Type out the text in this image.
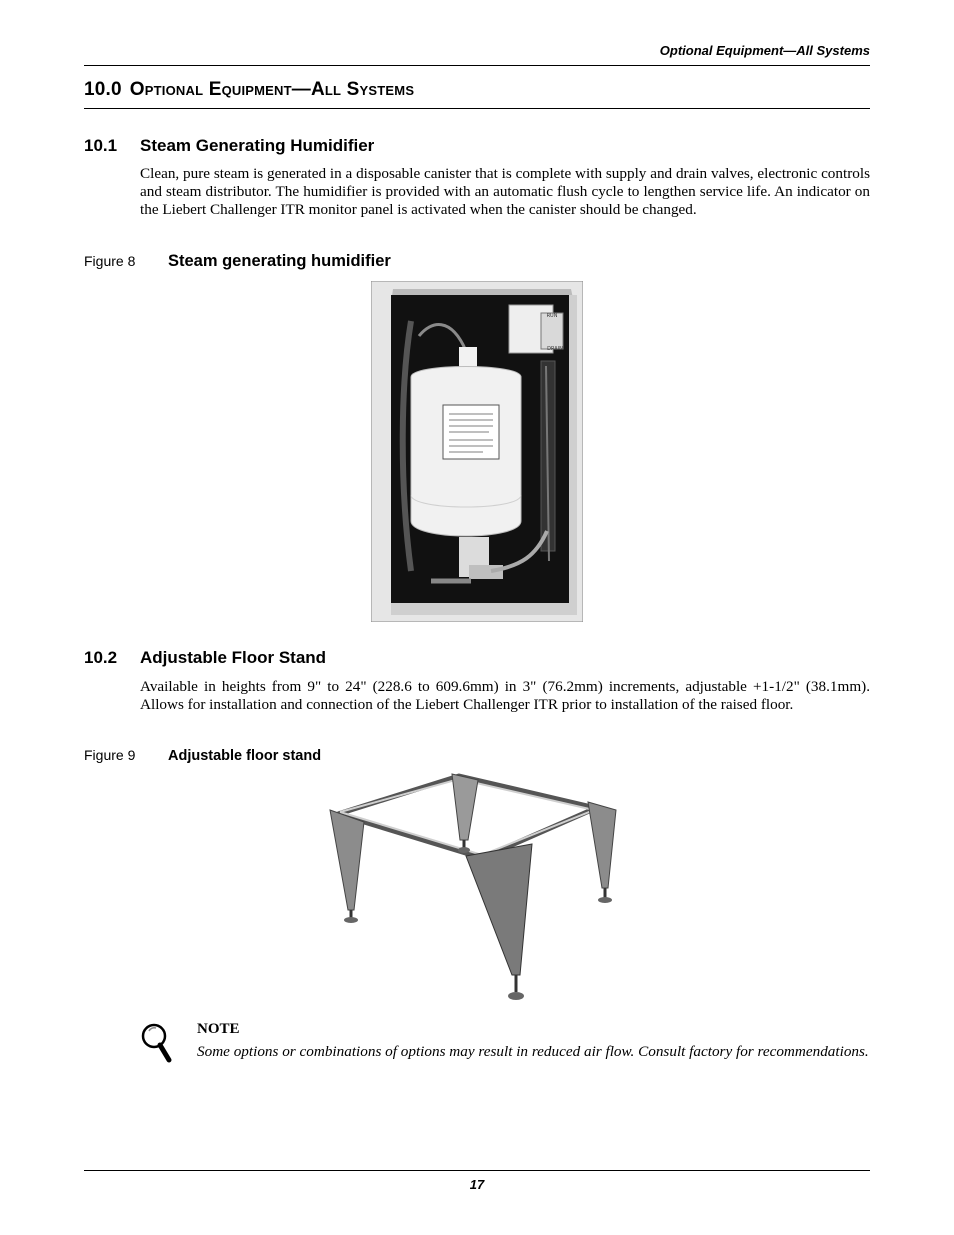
Optional Equipment—All Systems
10.0 Optional Equipment—All Systems
10.1 Steam Generating Humidifier

Clean, pure steam is generated in a disposable canister that is complete with supply and drain valves, electronic controls and steam distributor. The humidifier is provided with an automatic flush cycle to lengthen service life. An indicator on the Liebert Challenger ITR monitor panel is activated when the canister should be changed.

Figure 8 Steam generating humidifier
RUN
DRAIN
10.2 Adjustable Floor Stand

Available in heights from 9" to 24" (228.6 to 609.6mm) in 3" (76.2mm) increments, adjustable +1-1/2" (38.1mm). Allows for installation and connection of the Liebert Challenger ITR prior to installation of the raised floor.

Figure 9 Adjustable floor stand

NOTE

Some options or combinations of options may result in reduced air flow. Consult factory for recommendations.

17
